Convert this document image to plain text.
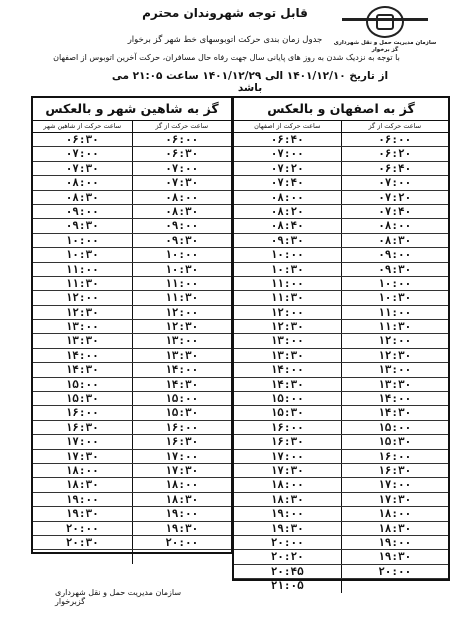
سازمان مدیریت حمل و نقل شهرداری گز برخوار
قابل توجه شهروندان محترم
جدول زمان بندی حرکت اتوبوسهای خط شهر گز برخوار
با توجه به نزدیک شدن به روز های پایانی سال جهت رفاه حال مسافران، حرکت آخرین اتوبوس از اصفهان
از تاریخ ۱۴۰۱/۱۲/۱۰ الی ۱۴۰۱/۱۲/۲۹ ساعت ۲۱:۰۵ می باشد
گز به اصفهان و بالعکس
ساعت حرکت از گز
ساعت حرکت از اصفهان
۰۶:۰۰
۰۶:۴۰
۰۶:۲۰
۰۷:۰۰
۰۶:۴۰
۰۷:۲۰
۰۷:۰۰
۰۷:۴۰
۰۷:۲۰
۰۸:۰۰
۰۷:۴۰
۰۸:۲۰
۰۸:۰۰
۰۸:۴۰
۰۸:۳۰
۰۹:۳۰
۰۹:۰۰
۱۰:۰۰
۰۹:۳۰
۱۰:۳۰
۱۰:۰۰
۱۱:۰۰
۱۰:۳۰
۱۱:۳۰
۱۱:۰۰
۱۲:۰۰
۱۱:۳۰
۱۲:۳۰
۱۲:۰۰
۱۳:۰۰
۱۲:۳۰
۱۳:۳۰
۱۳:۰۰
۱۴:۰۰
۱۳:۳۰
۱۴:۳۰
۱۴:۰۰
۱۵:۰۰
۱۴:۳۰
۱۵:۳۰
۱۵:۰۰
۱۶:۰۰
۱۵:۳۰
۱۶:۳۰
۱۶:۰۰
۱۷:۰۰
۱۶:۳۰
۱۷:۳۰
۱۷:۰۰
۱۸:۰۰
۱۷:۳۰
۱۸:۳۰
۱۸:۰۰
۱۹:۰۰
۱۸:۳۰
۱۹:۳۰
۱۹:۰۰
۲۰:۰۰
۱۹:۳۰
۲۰:۲۰
۲۰:۰۰
۲۰:۴۵
۲۱:۰۵
گز به شاهین شهر و بالعکس
ساعت حرکت از گز
ساعت حرکت از شاهین شهر
۰۶:۰۰
۰۶:۳۰
۰۶:۳۰
۰۷:۰۰
۰۷:۰۰
۰۷:۳۰
۰۷:۳۰
۰۸:۰۰
۰۸:۰۰
۰۸:۳۰
۰۸:۳۰
۰۹:۰۰
۰۹:۰۰
۰۹:۳۰
۰۹:۳۰
۱۰:۰۰
۱۰:۰۰
۱۰:۳۰
۱۰:۳۰
۱۱:۰۰
۱۱:۰۰
۱۱:۳۰
۱۱:۳۰
۱۲:۰۰
۱۲:۰۰
۱۲:۳۰
۱۲:۳۰
۱۳:۰۰
۱۳:۰۰
۱۳:۳۰
۱۳:۳۰
۱۴:۰۰
۱۴:۰۰
۱۴:۳۰
۱۴:۳۰
۱۵:۰۰
۱۵:۰۰
۱۵:۳۰
۱۵:۳۰
۱۶:۰۰
۱۶:۰۰
۱۶:۳۰
۱۶:۳۰
۱۷:۰۰
۱۷:۰۰
۱۷:۳۰
۱۷:۳۰
۱۸:۰۰
۱۸:۰۰
۱۸:۳۰
۱۸:۳۰
۱۹:۰۰
۱۹:۰۰
۱۹:۳۰
۱۹:۳۰
۲۰:۰۰
۲۰:۰۰
۲۰:۳۰
سازمان مدیریت حمل و نقل شهرداری گزبرخوار
